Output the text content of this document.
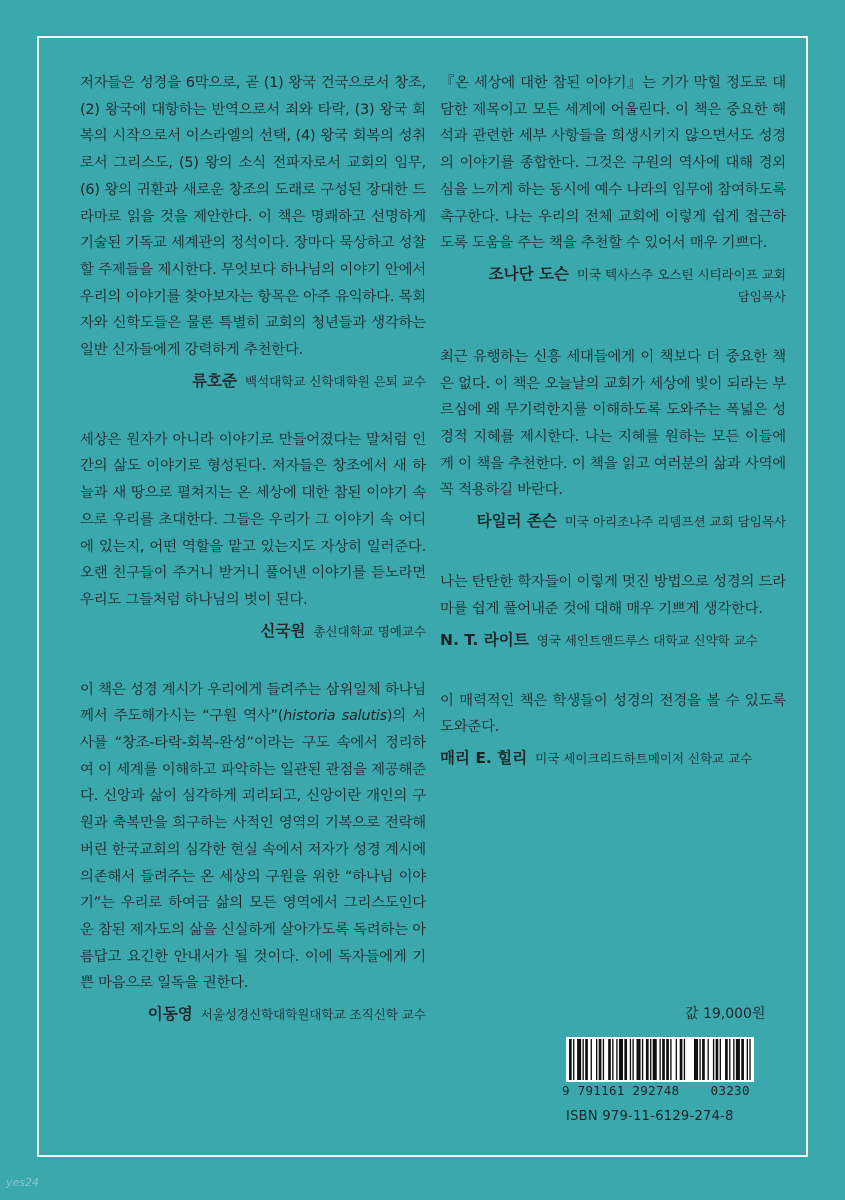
저자들은 성경을 6막으로, 곧 (1) 왕국 건국으로서 창조, (2) 왕국에 대항하는 반역으로서 죄와 타락, (3) 왕국 회복의 시작으로서 이스라엘의 선택, (4) 왕국 회복의 성취로서 그리스도, (5) 왕의 소식 전파자로서 교회의 임무, (6) 왕의 귀환과 새로운 창조의 도래로 구성된 장대한 드라마로 읽을 것을 제안한다. 이 책은 명쾌하고 선명하게 기술된 기독교 세계관의 정석이다. 장마다 묵상하고 성찰할 주제들을 제시한다. 무엇보다 하나님의 이야기 안에서 우리의 이야기를 찾아보자는 항목은 아주 유익하다. 목회자와 신학도들은 물론 특별히 교회의 청년들과 생각하는 일반 신자들에게 강력하게 추천한다.

류호준 백석대학교 신학대학원 은퇴 교수

세상은 원자가 아니라 이야기로 만들어졌다는 말처럼 인간의 삶도 이야기로 형성된다. 저자들은 창조에서 새 하늘과 새 땅으로 펼쳐지는 온 세상에 대한 참된 이야기 속으로 우리를 초대한다. 그들은 우리가 그 이야기 속 어디에 있는지, 어떤 역할을 맡고 있는지도 자상히 일러준다. 오랜 친구들이 주거니 받거니 풀어낸 이야기를 듣노라면 우리도 그들처럼 하나님의 벗이 된다.

신국원 총신대학교 명예교수

이 책은 성경 계시가 우리에게 들려주는 삼위일체 하나님께서 주도해가시는 “구원 역사”(historia salutis)의 서사를 “창조-타락-회복-완성”이라는 구도 속에서 정리하여 이 세계를 이해하고 파악하는 일관된 관점을 제공해준다. 신앙과 삶이 심각하게 괴리되고, 신앙이란 개인의 구원과 축복만을 희구하는 사적인 영역의 기복으로 전락해 버린 한국교회의 심각한 현실 속에서 저자가 성경 계시에 의존해서 들려주는 온 세상의 구원을 위한 “하나님 이야기”는 우리로 하여금 삶의 모든 영역에서 그리스도인다운 참된 제자도의 삶을 신실하게 살아가도록 독려하는 아름답고 요긴한 안내서가 될 것이다. 이에 독자들에게 기쁜 마음으로 일독을 권한다.

이동영 서울성경신학대학원대학교 조직신학 교수

『온 세상에 대한 참된 이야기』는 기가 막힐 정도로 대담한 제목이고 모든 세계에 어울린다. 이 책은 중요한 해석과 관련한 세부 사항들을 희생시키지 않으면서도 성경의 이야기를 종합한다. 그것은 구원의 역사에 대해 경외심을 느끼게 하는 동시에 예수 나라의 임무에 참여하도록 촉구한다. 나는 우리의 전체 교회에 이렇게 쉽게 접근하도록 도움을 주는 책을 추천할 수 있어서 매우 기쁘다.

조나단 도슨 미국 텍사스주 오스틴 시티라이프 교회
담임목사

최근 유행하는 신흥 세대들에게 이 책보다 더 중요한 책은 없다. 이 책은 오늘날의 교회가 세상에 빛이 되라는 부르심에 왜 무기력한지를 이해하도록 도와주는 폭넓은 성경적 지혜를 제시한다. 나는 지혜를 원하는 모든 이들에게 이 책을 추천한다. 이 책을 읽고 여러분의 삶과 사역에 꼭 적용하길 바란다.

타일러 존슨 미국 아리조나주 리뎀프션 교회 담임목사

나는 탄탄한 학자들이 이렇게 멋진 방법으로 성경의 드라마를 쉽게 풀어내준 것에 대해 매우 기쁘게 생각한다.

N. T. 라이트 영국 세인트앤드루스 대학교 신약학 교수

이 매력적인 책은 학생들이 성경의 전경을 볼 수 있도록 도와준다.

매리 E. 힐리 미국 세이크리드하트메이저 신학교 교수

값 19,000원
9 791161 292748    03230
ISBN 979-11-6129-274-8
yes24
